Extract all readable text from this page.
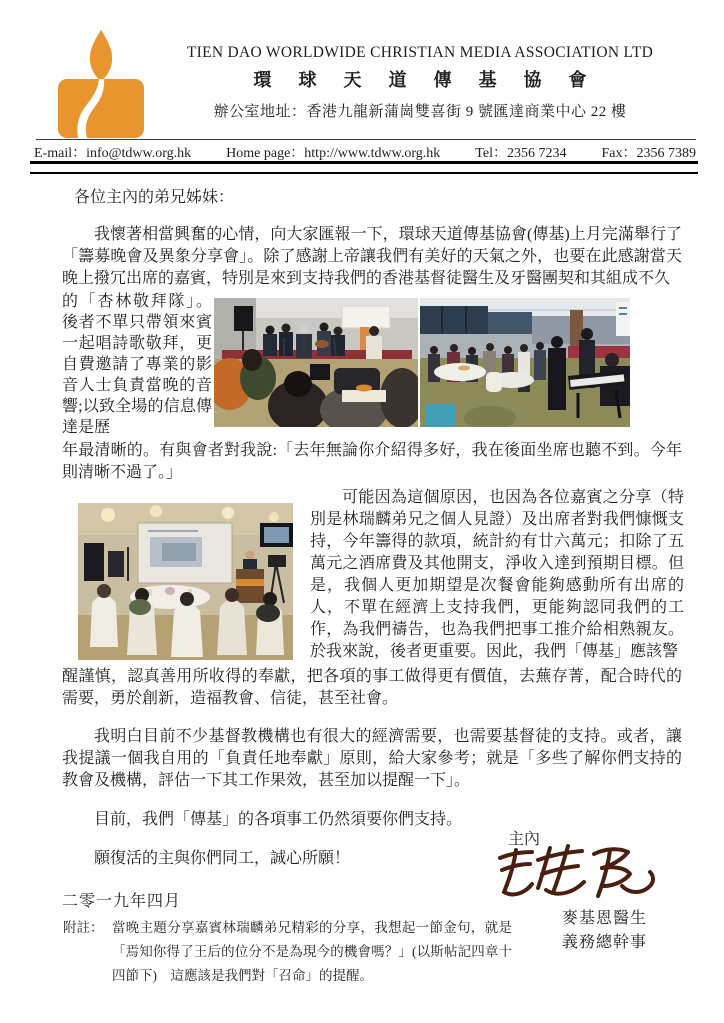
TIEN DAO WORLDWIDE CHRISTIAN MEDIA ASSOCIATION LTD
環球天道傳基協會
辦公室地址：香港九龍新蒲崗雙喜街 9 號匯達商業中心 22 樓
E-mail：info@tdww.org.hk	Home page：http://www.tdww.org.hk	Tel：2356 7234	Fax：2356 7389
各位主內的弟兄姊妹：
我懷著相當興奮的心情，向大家匯報一下，環球天道傳基協會(傳基)上月完滿舉行了「籌募晚會及異象分享會」。除了感謝上帝讓我們有美好的天氣之外，也要在此感謝當天晚上撥冗出席的嘉賓，特別是來到支持我們的香港基督徒醫生及牙醫團契和其組成不久
的「杏林敬拜隊」。後者不單只帶領來賓一起唱詩歌敬拜，更自費邀請了專業的影音人士負責當晚的音響;以致全場的信息傳達是歷
年最清晰的。有與會者對我說:「去年無論你介紹得多好，我在後面坐席也聽不到。今年則清晰不過了。」
可能因為這個原因，也因為各位嘉賓之分享（特別是林瑞麟弟兄之個人見證）及出席者對我們慷慨支持，今年籌得的款項，統計約有廿六萬元；扣除了五萬元之酒席費及其他開支，淨收入達到預期目標。但是，我個人更加期望是次餐會能夠感動所有出席的人，不單在經濟上支持我們，更能夠認同我們的工作，為我們禱告，也為我們把事工推介給相熟親友。於我來說，後者更重要。因此，我們「傳基」應該警
醒謹慎，認真善用所收得的奉獻，把各項的事工做得更有價值，去蕪存菁，配合時代的需要，勇於創新，造福教會、信徒，甚至社會。
我明白目前不少基督教機構也有很大的經濟需要，也需要基督徒的支持。或者，讓我提議一個我自用的「負責任地奉獻」原則，給大家參考；就是「多些了解你們支持的教會及機構，評估一下其工作果效，甚至加以提醒一下」。
目前，我們「傳基」的各項事工仍然須要你們支持。
主內
願復活的主與你們同工，誠心所願！
二零一九年四月
麥基恩醫生
義務總幹事
附註： 當晚主題分享嘉賓林瑞麟弟兄精彩的分享，我想起一節金句，就是「焉知你得了王后的位分不是為現今的機會嗎？」(以斯帖記四章十四節下)　這應該是我們對「召命」的提醒。
